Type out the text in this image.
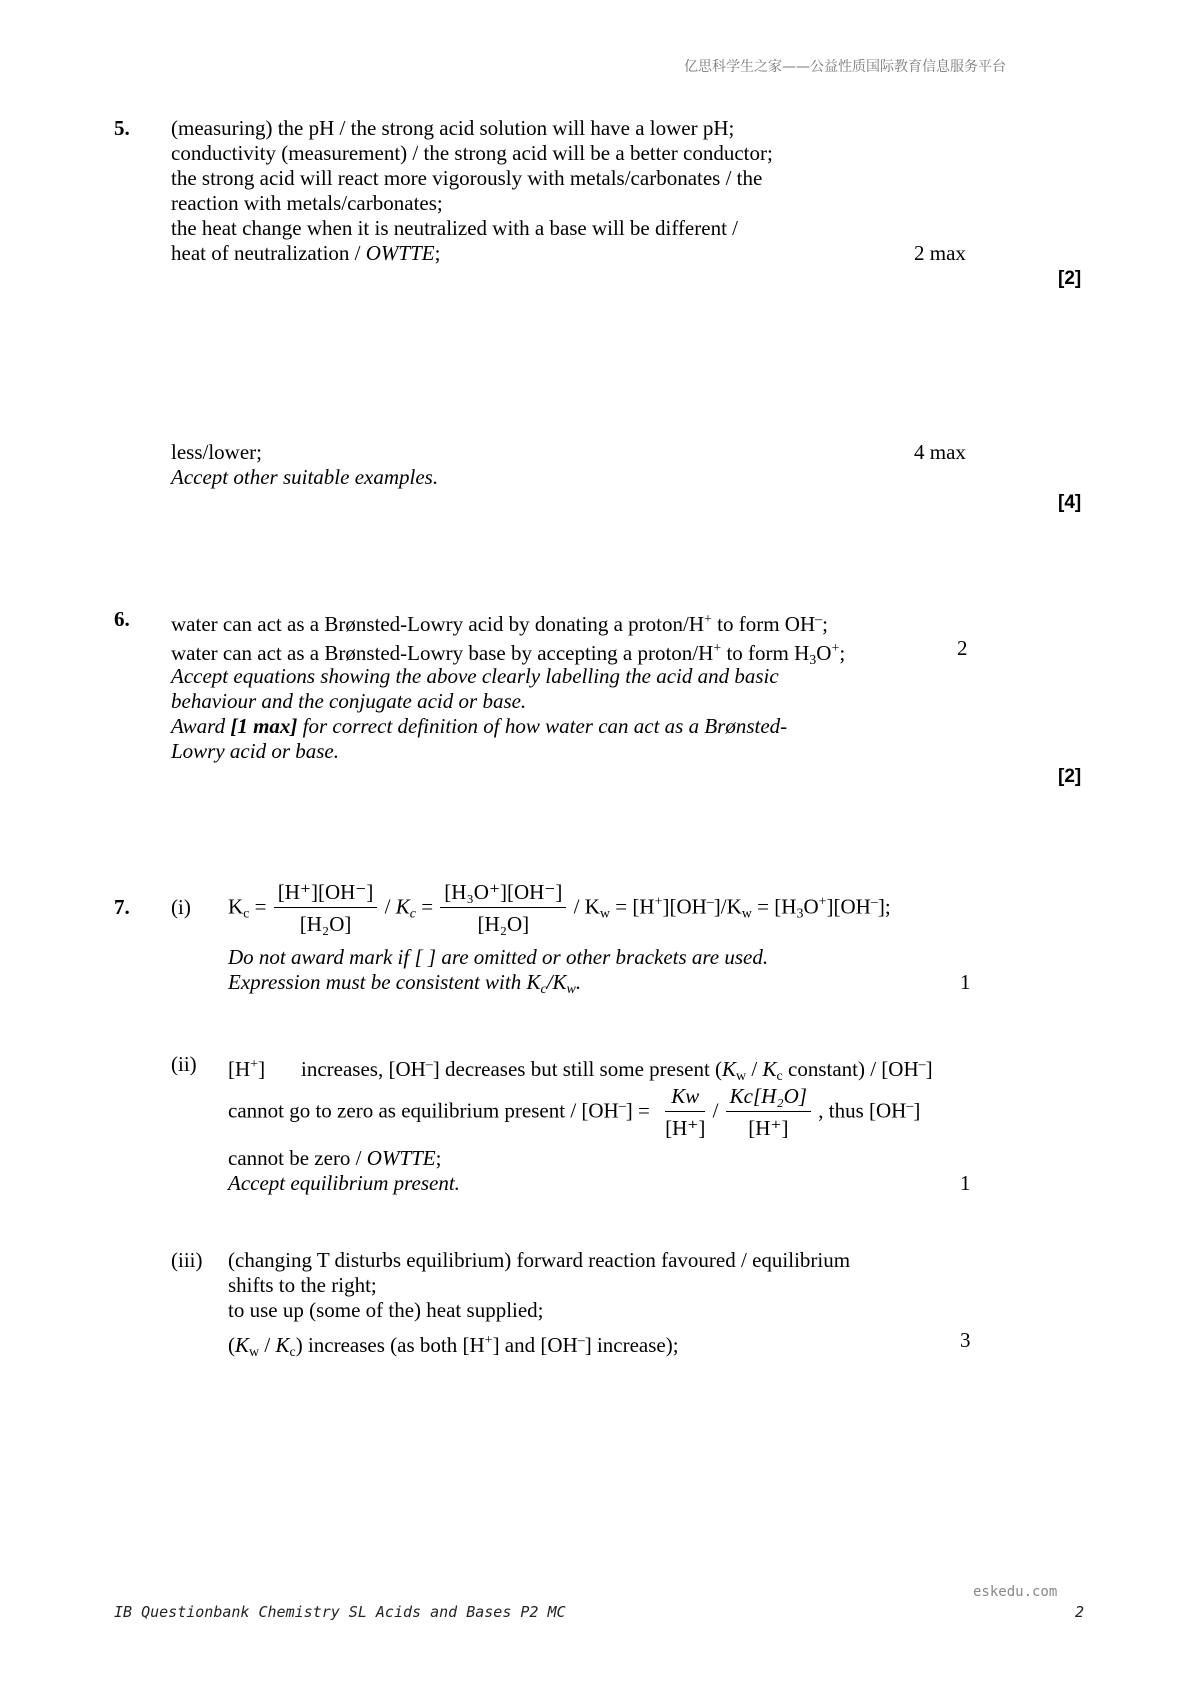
亿思科学生之家——公益性质国际教育信息服务平台
5. (measuring) the pH / the strong acid solution will have a lower pH;
conductivity (measurement) / the strong acid will be a better conductor;
the strong acid will react more vigorously with metals/carbonates / the
reaction with metals/carbonates;
the heat change when it is neutralized with a base will be different /
heat of neutralization / OWTTE;	2 max
[2]
less/lower;
Accept other suitable examples.
4 max
[4]
6. water can act as a Brønsted-Lowry acid by donating a proton/H+ to form OH–;
water can act as a Brønsted-Lowry base by accepting a proton/H+ to form $H_3O^+$;	2
Accept equations showing the above clearly labelling the acid and basic
behaviour and the conjugate acid or base.
Award [1 max] for correct definition of how water can act as a Brønsted-
Lowry acid or base.
[2]
7. (i) $K_c = \frac{[H^+][OH^-]}{\text{[H₂O]}} / K_c = \frac{\text{[H₃O⁺][OH⁻]}}{\text{[H₂O]}} / K_w = [H^+][OH^-]/K_w = [H_3O^+][OH^-]$;
Do not award mark if [ ] are omitted or other brackets are used.
Expression must be consistent with $K_c/K_w$.	1
(ii) [H+] increases, [OH–] decreases but still some present ($K_w / K_c$ constant) / [OH–]
cannot go to zero as equilibrium present / $[OH^-] = \frac{Kw}{[H^+]} / \frac{\text{Kc[H₂O]}}{[H^+]}$ , thus [OH–]
cannot be zero / OWTTE;
Accept equilibrium present.	1
(iii) (changing T disturbs equilibrium) forward reaction favoured / equilibrium
shifts to the right;
to use up (some of the) heat supplied;
$(K_w / K_c)$ increases (as both [H+] and [OH–] increase);	3
eskedu.com
IB Questionbank Chemistry SL Acids and Bases P2 MC	2
